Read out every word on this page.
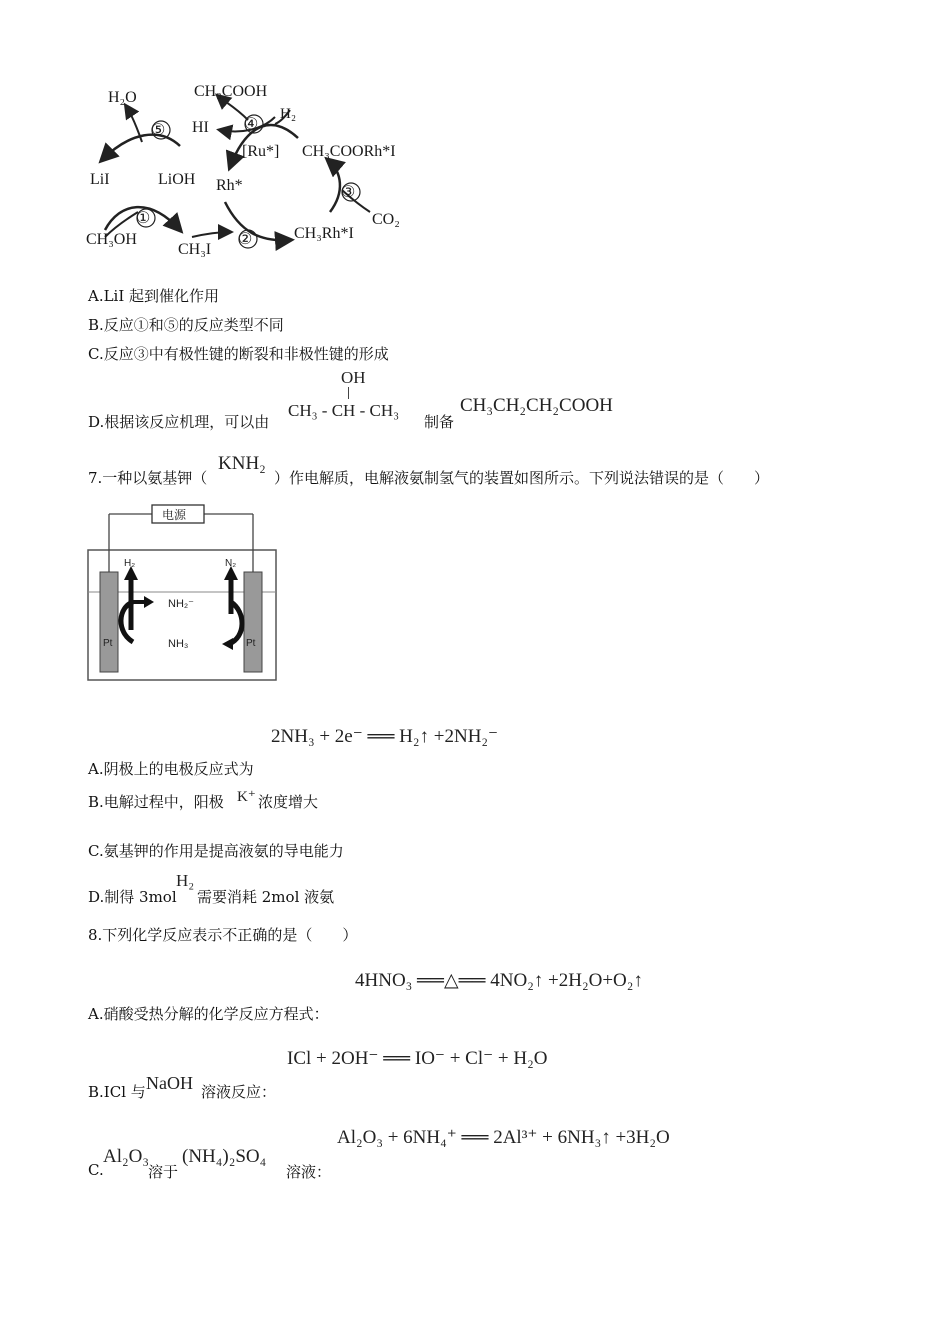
⑤
①
②
③
④
H₂O	CH₃COOH
H₂
HI
[Ru*] CH₃COORh*I
LiI	LiOH Rh*
CO₂
CH₃OH
CH₃I
CH₃Rh*I
A.LiI 起到催化作用
B.反应①和⑤的反应类型不同
C.反应③中有极性键的断裂和非极性键的形成
D.根据该反应机理，可以由
OH
CH₃ - CH - CH₃
制备
CH₃CH₂CH₂COOH
7.一种以氨基钾（
KNH₂
）作电解质，电解液氨制氢气的装置如图所示。下列说法错误的是（　　）
电源
H₂	N₂
NH₂⁻
NH₃
Pt	Pt
2NH₃ + 2e⁻ ══ H₂↑ +2NH₂⁻
A.阴极上的电极反应式为
B.电解过程中，阳极 K⁺ 浓度增大
C.氨基钾的作用是提高液氨的导电能力
D.制得 3mol
H₂
需要消耗 2mol 液氨
8.下列化学反应表示不正确的是（　　）
4HNO₃ ══△══ 4NO₂↑ +2H₂O+O₂↑
A.硝酸受热分解的化学反应方程式：
ICl + 2OH⁻ ══ IO⁻ + Cl⁻ + H₂O
B.ICl 与 NaOH 溶液反应：
Al₂O₃ + 6NH₄⁺ ══ 2Al³⁺ + 6NH₃↑ +3H₂O
C.
Al₂O₃
溶于
(NH₄)₂SO₄
溶液：
